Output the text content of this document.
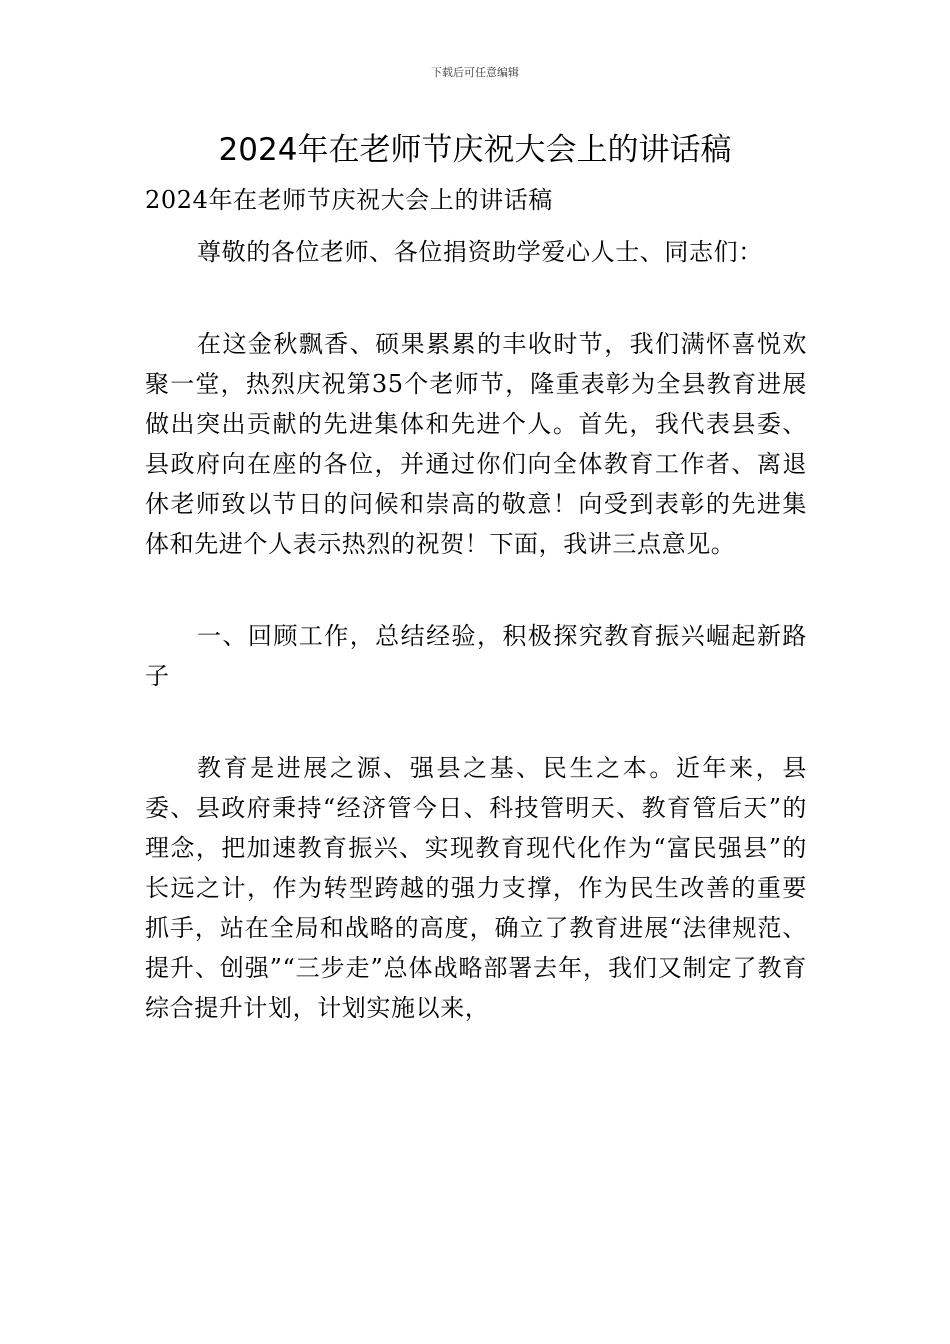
下载后可任意编辑
2024年在老师节庆祝大会上的讲话稿

2024年在老师节庆祝大会上的讲话稿

尊敬的各位老师、各位捐资助学爱心人士、同志们：

在这金秋飘香、硕果累累的丰收时节，我们满怀喜悦欢聚一堂，热烈庆祝第35个老师节，隆重表彰为全县教育进展做出突出贡献的先进集体和先进个人。首先，我代表县委、县政府向在座的各位，并通过你们向全体教育工作者、离退休老师致以节日的问候和崇高的敬意！向受到表彰的先进集体和先进个人表示热烈的祝贺！下面，我讲三点意见。

一、回顾工作，总结经验，积极探究教育振兴崛起新路子

教育是进展之源、强县之基、民生之本。近年来，县委、县政府秉持“经济管今日、科技管明天、教育管后天”的理念，把加速教育振兴、实现教育现代化作为“富民强县”的长远之计，作为转型跨越的强力支撑，作为民生改善的重要抓手，站在全局和战略的高度，确立了教育进展“法律规范、提升、创强”“三步走”总体战略部署去年，我们又制定了教育综合提升计划，计划实施以来，
